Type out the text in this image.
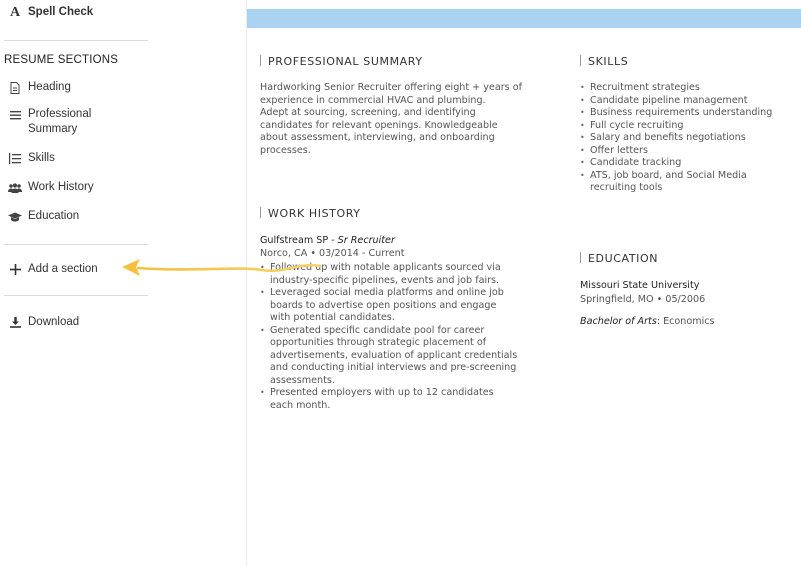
A Spell Check
RESUME SECTIONS
Heading
Professional
Summary
Skills
Work History
Education
Add a section
Download
PROFESSIONAL SUMMARY
Hardworking Senior Recruiter offering eight + years of
experience in commercial HVAC and plumbing.
Adept at sourcing, screening, and identifying
candidates for relevant openings. Knowledgeable
about assessment, interviewing, and onboarding
processes.
WORK HISTORY
Gulfstream SP - Sr Recruiter
Norco, CA • 03/2014 - Current
• Followed up with notable applicants sourced via
industry-specific pipelines, events and job fairs.
• Leveraged social media platforms and online job
boards to advertise open positions and engage
with potential candidates.
• Generated specific candidate pool for career
opportunities through strategic placement of
advertisements, evaluation of applicant credentials
and conducting initial interviews and pre-screening
assessments.
• Presented employers with up to 12 candidates
each month.
SKILLS
• Recruitment strategies
• Candidate pipeline management
• Business requirements understanding
• Full cycle recruiting
• Salary and benefits negotiations
• Offer letters
• Candidate tracking
• ATS, job board, and Social Media
recruiting tools
EDUCATION
Missouri State University
Springfield, MO • 05/2006
Bachelor of Arts: Economics
